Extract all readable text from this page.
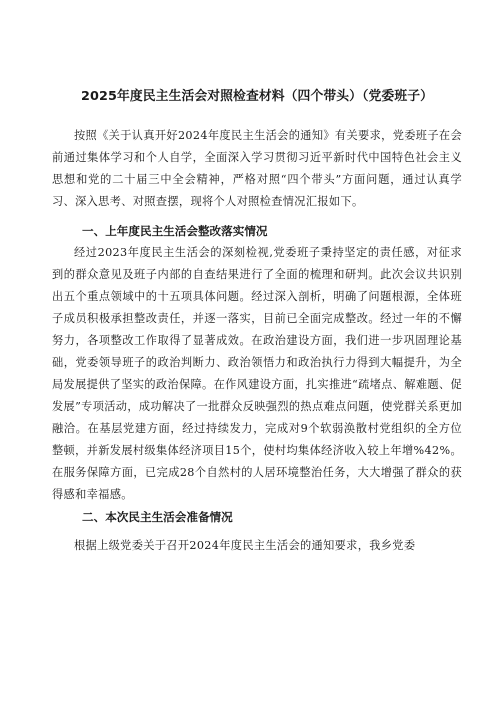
2025年度民主生活会对照检查材料（四个带头）（党委班子）

按照《关于认真开好2024年度民主生活会的通知》有关要求，党委班子在会前通过集体学习和个人自学，全面深入学习贯彻习近平新时代中国特色社会主义思想和党的二十届三中全会精神，严格对照“四个带头”方面问题，通过认真学习、深入思考、对照查摆，现将个人对照检查情况汇报如下。

一、上年度民主生活会整改落实情况

经过2023年度民主生活会的深刻检视,党委班子秉持坚定的责任感，对征求到的群众意见及班子内部的自查结果进行了全面的梳理和研判。此次会议共识别出五个重点领域中的十五项具体问题。经过深入剖析，明确了问题根源，全体班子成员积极承担整改责任，并逐一落实，目前已全面完成整改。经过一年的不懈努力，各项整改工作取得了显著成效。在政治建设方面，我们进一步巩固理论基础，党委领导班子的政治判断力、政治领悟力和政治执行力得到大幅提升，为全局发展提供了坚实的政治保障。在作风建设方面，扎实推进“疏堵点、解难题、促发展”专项活动，成功解决了一批群众反映强烈的热点难点问题，使党群关系更加融洽。在基层党建方面，经过持续发力，完成对9个软弱涣散村党组织的全方位整顿，并新发展村级集体经济项目15个，使村均集体经济收入较上年增%42%。在服务保障方面，已完成28个自然村的人居环境整治任务，大大增强了群众的获得感和幸福感。

二、本次民主生活会准备情况

根据上级党委关于召开2024年度民主生活会的通知要求，我乡党委
